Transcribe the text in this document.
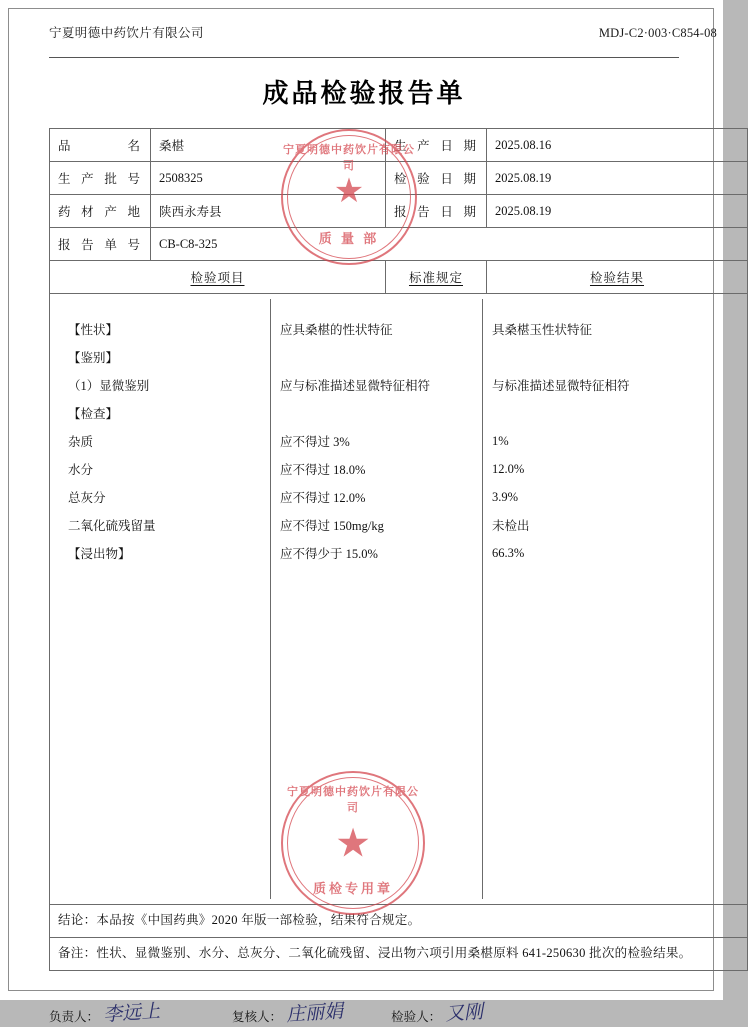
宁夏明德中药饮片有限公司	MDJ-C2·003·C854-08
成品检验报告单
品　名	桑椹	生产日期	2025.08.16
生产批号	2508325	检验日期	2025.08.19
药材产地	陕西永寿县	报告日期	2025.08.19
报告单号	CB-C8-325		
检验项目		标准规定	检验结果

【性状】	应具桑椹的性状特征	具桑椹玉性状特征
【鉴别】
（1）显微鉴别	应与标准描述显微特征相符	与标准描述显微特征相符
【检查】
杂质	应不得过 3%	1%
水分	应不得过 18.0%	12.0%
总灰分	应不得过 12.0%	3.9%
二氧化硫残留量	应不得过 150mg/kg	未检出
【浸出物】	应不得少于 15.0%	66.3%

结论：本品按《中国药典》2020 年版一部检验，结果符合规定。			
备注：性状、显微鉴别、水分、总灰分、二氧化硫残留、浸出物六项引用桑椹原料 641-250630 批次的检验结果。			
负责人： 李远上	复核人： 庄丽娟	检验人： 又刚
宁夏明德中药饮片有限公司
★
质 量 部
宁夏明德中药饮片有限公司
★
质检专用章
